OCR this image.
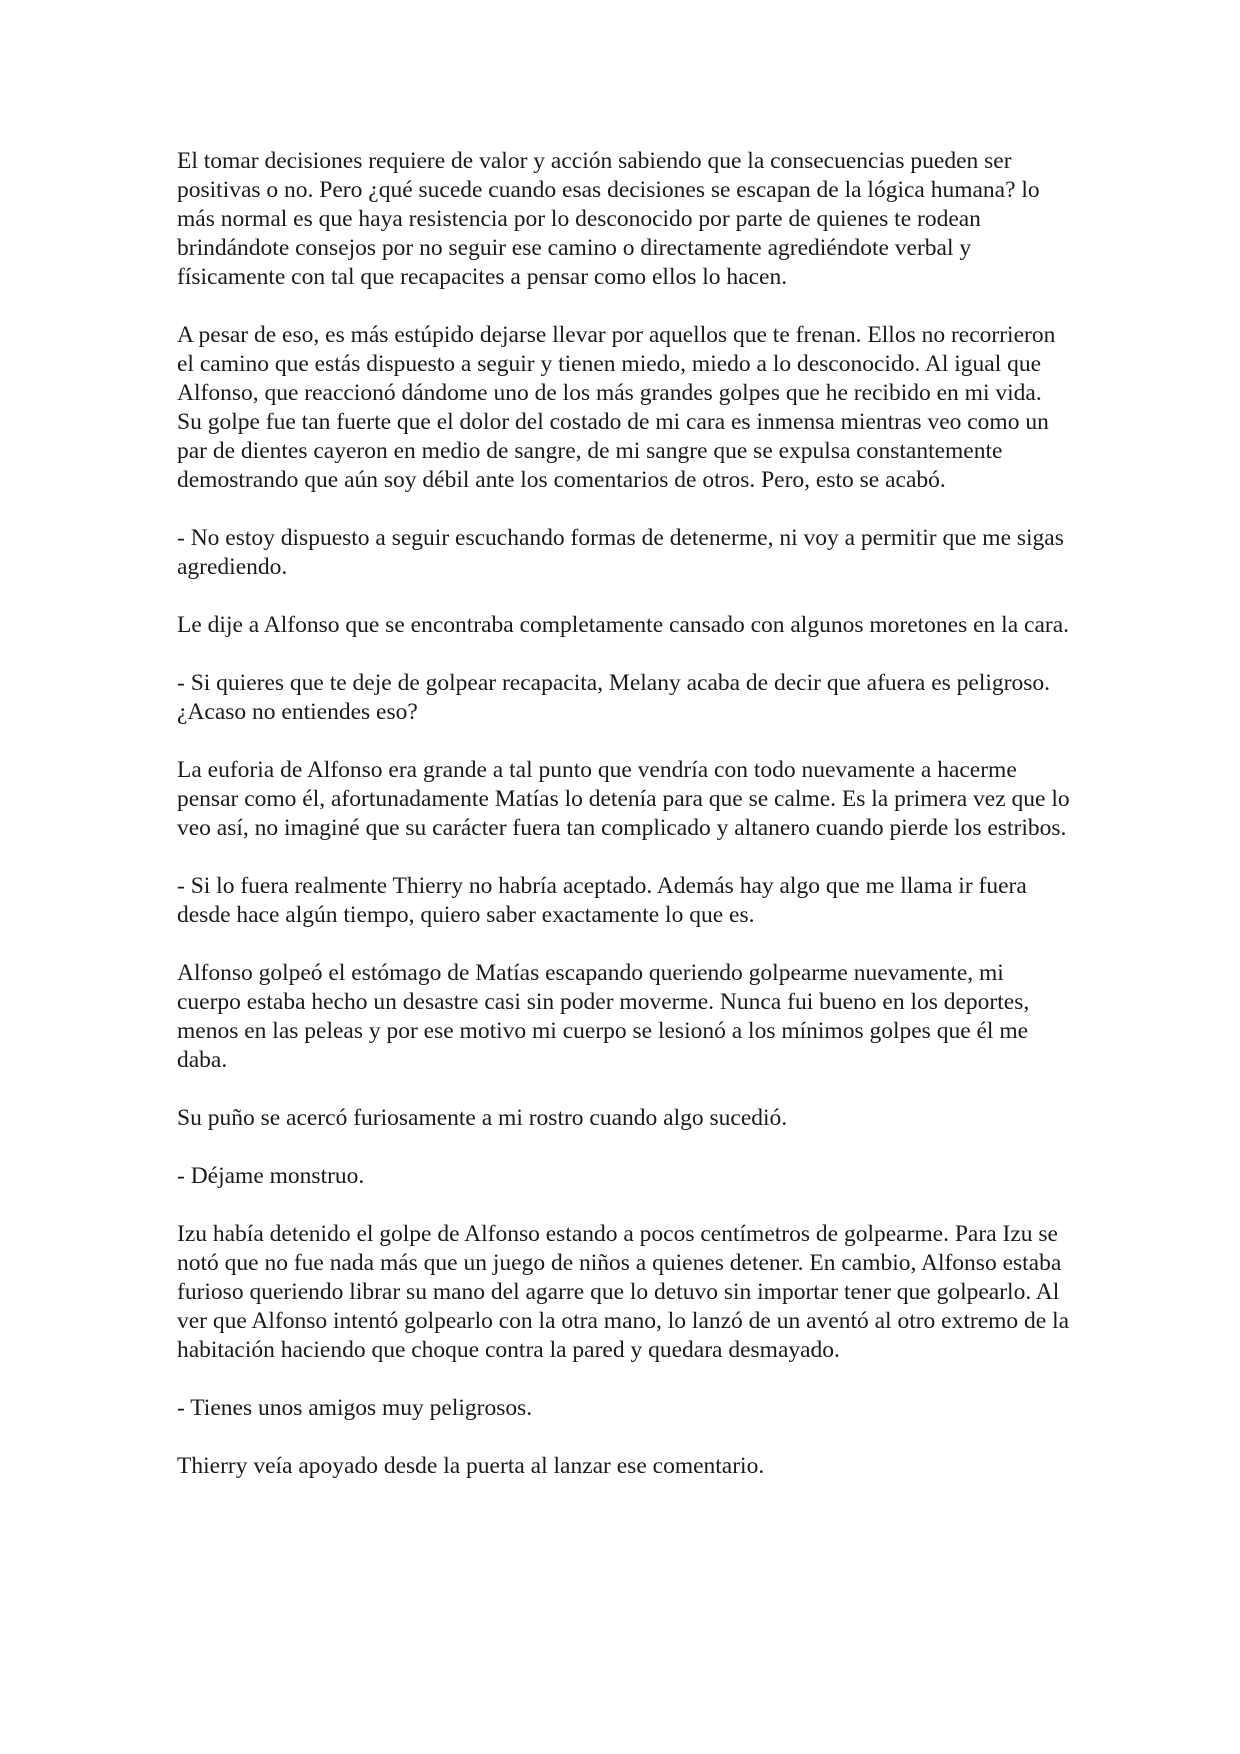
El tomar decisiones requiere de valor y acción sabiendo que la consecuencias pueden ser positivas o no. Pero ¿qué sucede cuando esas decisiones se escapan de la lógica humana? lo más normal es que haya resistencia por lo desconocido por parte de quienes te rodean brindándote consejos por no seguir ese camino o directamente agrediéndote verbal y físicamente con tal que recapacites a pensar como ellos lo hacen.

A pesar de eso, es más estúpido dejarse llevar por aquellos que te frenan. Ellos no recorrieron el camino que estás dispuesto a seguir y tienen miedo, miedo a lo desconocido. Al igual que Alfonso, que reaccionó dándome uno de los más grandes golpes que he recibido en mi vida. Su golpe fue tan fuerte que el dolor del costado de mi cara es inmensa mientras veo como un par de dientes cayeron en medio de sangre, de mi sangre que se expulsa constantemente demostrando que aún soy débil ante los comentarios de otros. Pero, esto se acabó.

- No estoy dispuesto a seguir escuchando formas de detenerme, ni voy a permitir que me sigas agrediendo.

Le dije a Alfonso que se encontraba completamente cansado con algunos moretones en la cara.

- Si quieres que te deje de golpear recapacita, Melany acaba de decir que afuera es peligroso. ¿Acaso no entiendes eso?

La euforia de Alfonso era grande a tal punto que vendría con todo nuevamente a hacerme pensar como él, afortunadamente Matías lo detenía para que se calme. Es la primera vez que lo veo así, no imaginé que su carácter fuera tan complicado y altanero cuando pierde los estribos.

- Si lo fuera realmente Thierry no habría aceptado. Además hay algo que me llama ir fuera desde hace algún tiempo, quiero saber exactamente lo que es.

Alfonso golpeó el estómago de Matías escapando queriendo golpearme nuevamente, mi cuerpo estaba hecho un desastre casi sin poder moverme. Nunca fui bueno en los deportes, menos en las peleas y por ese motivo mi cuerpo se lesionó a los mínimos golpes que él me daba.

Su puño se acercó furiosamente a mi rostro cuando algo sucedió.

- Déjame monstruo.

Izu había detenido el golpe de Alfonso estando a pocos centímetros de golpearme. Para Izu se notó que no fue nada más que un juego de niños a quienes detener. En cambio, Alfonso estaba furioso queriendo librar su mano del agarre que lo detuvo sin importar tener que golpearlo. Al ver que Alfonso intentó golpearlo con la otra mano, lo lanzó de un aventó al otro extremo de la habitación haciendo que choque contra la pared y quedara desmayado.

- Tienes unos amigos muy peligrosos.

Thierry veía apoyado desde la puerta al lanzar ese comentario.
